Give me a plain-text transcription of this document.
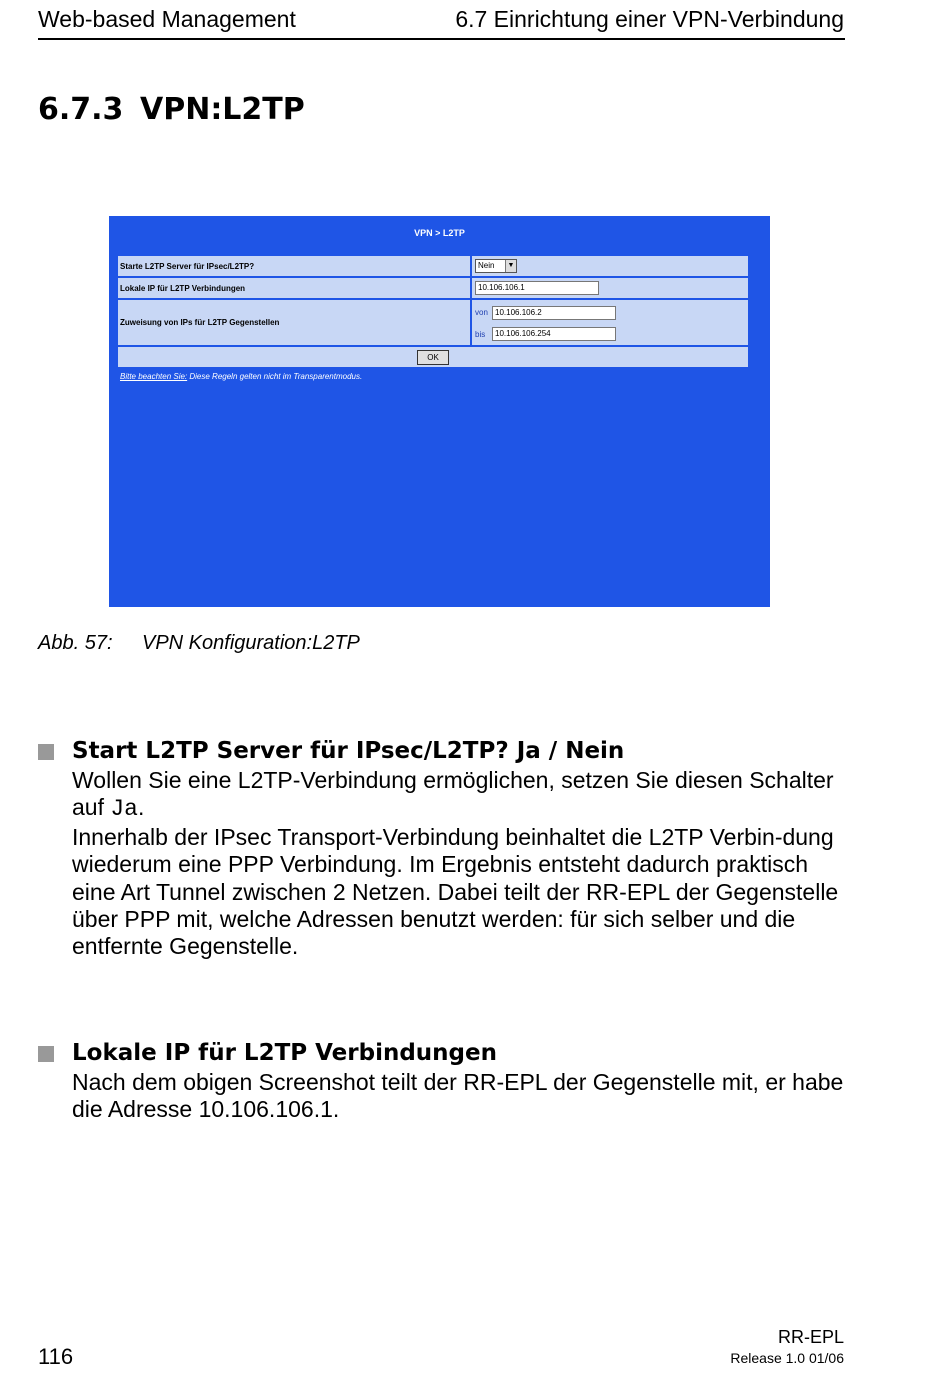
Web-based Management	6.7 Einrichtung einer VPN-Verbindung
6.7.3 VPN:L2TP
VPN > L2TP
Starte L2TP Server für IPsec/L2TP?	Nein	▼
Lokale IP für L2TP Verbindungen	10.106.106.1
Zuweisung von IPs für L2TP Gegenstellen
von 10.106.106.2
bis	10.106.106.254
OK
Bitte beachten Sie: Diese Regeln gelten nicht im Transparentmodus.
Abb. 57: VPN Konfiguration:L2TP
Start L2TP Server für IPsec/L2TP? Ja / Nein
Wollen Sie eine L2TP-Verbindung ermöglichen, setzen Sie diesen Schalter auf Ja.
Innerhalb der IPsec Transport-Verbindung beinhaltet die L2TP Verbin-dung wiederum eine PPP Verbindung. Im Ergebnis entsteht dadurch praktisch eine Art Tunnel zwischen 2 Netzen. Dabei teilt der RR-EPL der Gegenstelle über PPP mit, welche Adressen benutzt werden: für sich selber und die entfernte Gegenstelle.
Lokale IP für L2TP Verbindungen
Nach dem obigen Screenshot teilt der RR-EPL der Gegenstelle mit, er habe die Adresse 10.106.106.1.
116
RR-EPL
Release 1.0 01/06
